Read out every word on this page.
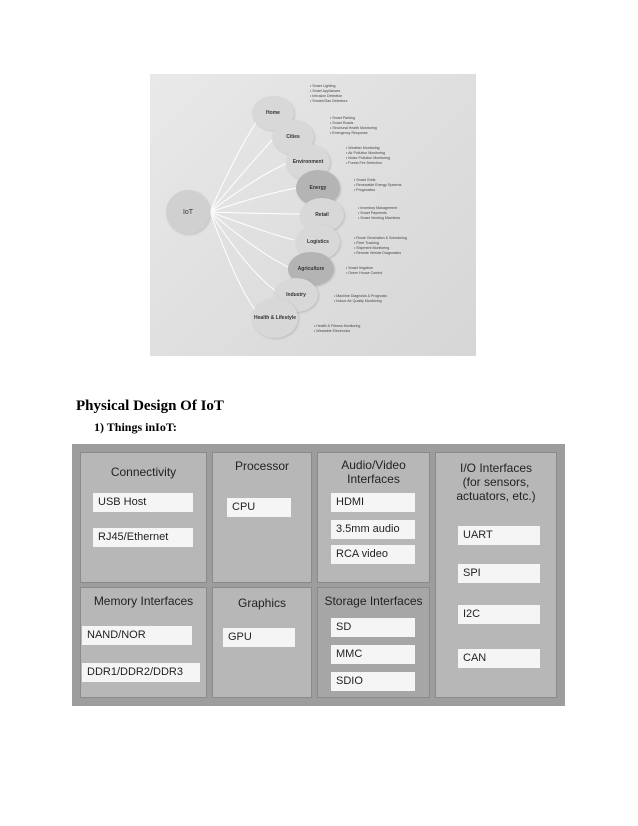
IoT
Home
Cities
Environment
Energy
Retail
Logistics
Agriculture
Industry
Health & Lifestyle
• Smart Lighting
• Smart Appliances
• Intrusion Detection
• Smoke/Gas Detectors
• Smart Parking
• Smart Roads
• Structural Health Monitoring
• Emergency Response
• Weather Monitoring
• Air Pollution Monitoring
• Noise Pollution Monitoring
• Forest Fire Detection
• Smart Grids
• Renewable Energy Systems
• Prognostics
• Inventory Management
• Smart Payments
• Smart Vending Machines
• Route Generation & Scheduling
• Fleet Tracking
• Shipment Monitoring
• Remote Vehicle Diagnostics
• Smart Irrigation
• Green House Control
• Machine Diagnosis & Prognosis
• Indoor Air Quality Monitoring
• Health & Fitness Monitoring
• Wearable Electronics
Physical Design Of IoT
1) Things inIoT:
Connectivity
USB Host
RJ45/Ethernet
Processor
CPU
Audio/Video
Interfaces
HDMI
3.5mm audio
RCA video
I/O Interfaces
(for sensors,
actuators, etc.)
UART
SPI
I2C
CAN
Memory Interfaces
NAND/NOR
DDR1/DDR2/DDR3
Graphics
GPU
Storage Interfaces
SD
MMC
SDIO
